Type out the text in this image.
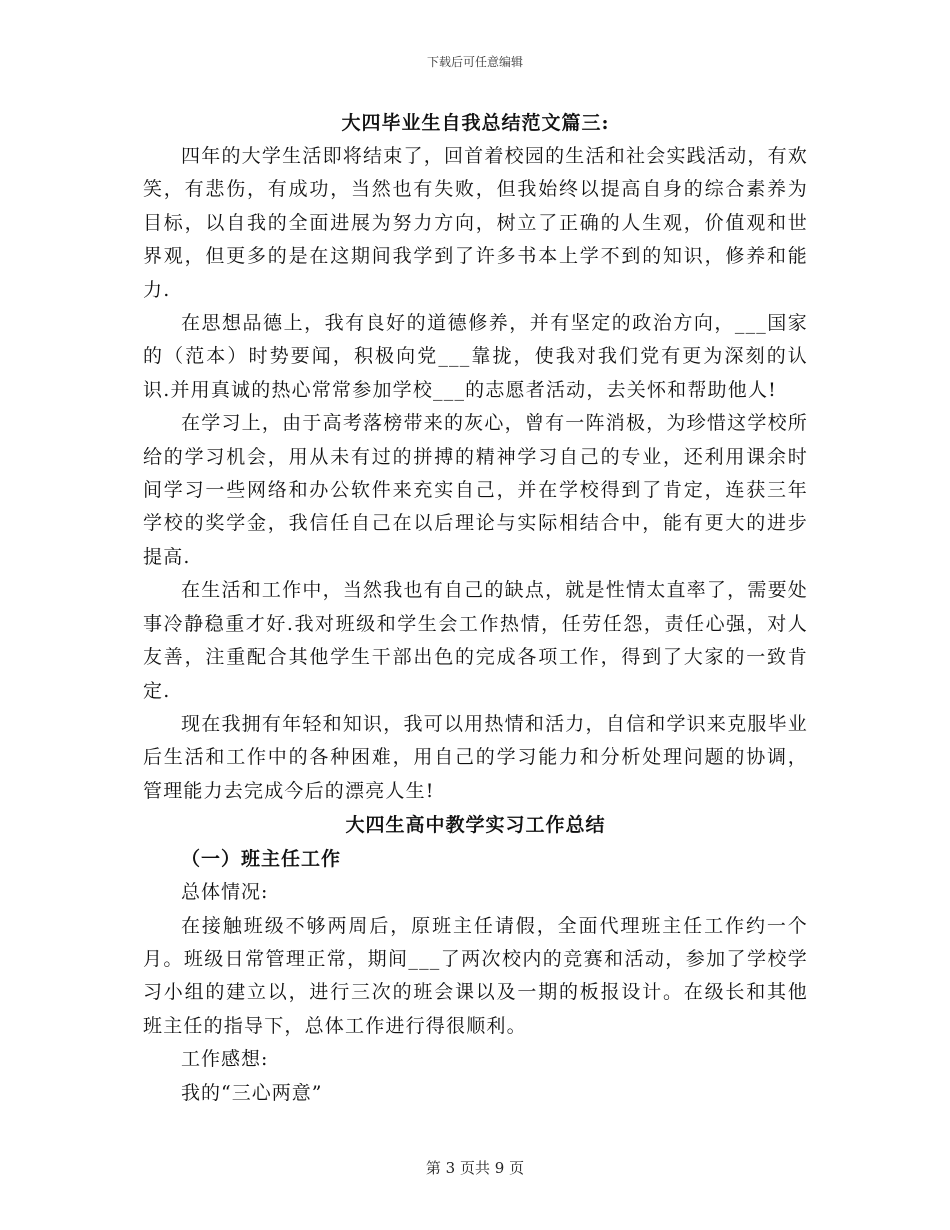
下载后可任意编辑
大四毕业生自我总结范文篇三:

四年的大学生活即将结束了，回首着校园的生活和社会实践活动，有欢笑，有悲伤，有成功，当然也有失败，但我始终以提高自身的综合素养为目标，以自我的全面进展为努力方向，树立了正确的人生观，价值观和世界观，但更多的是在这期间我学到了许多书本上学不到的知识，修养和能力.

在思想品德上，我有良好的道德修养，并有坚定的政治方向，___国家的（范本）时势要闻，积极向党___靠拢，使我对我们党有更为深刻的认识.并用真诚的热心常常参加学校___的志愿者活动，去关怀和帮助他人!

在学习上，由于高考落榜带来的灰心，曾有一阵消极，为珍惜这学校所给的学习机会，用从未有过的拼搏的精神学习自己的专业，还利用课余时间学习一些网络和办公软件来充实自己，并在学校得到了肯定，连获三年学校的奖学金，我信任自己在以后理论与实际相结合中，能有更大的进步提高.

在生活和工作中，当然我也有自己的缺点，就是性情太直率了，需要处事冷静稳重才好.我对班级和学生会工作热情，任劳任怨，责任心强，对人友善，注重配合其他学生干部出色的完成各项工作，得到了大家的一致肯定.

现在我拥有年轻和知识，我可以用热情和活力，自信和学识来克服毕业后生活和工作中的各种困难，用自己的学习能力和分析处理问题的协调，管理能力去完成今后的漂亮人生!

大四生高中教学实习工作总结
（一）班主任工作
总体情况:

在接触班级不够两周后，原班主任请假，全面代理班主任工作约一个月。班级日常管理正常，期间___了两次校内的竞赛和活动，参加了学校学习小组的建立以，进行三次的班会课以及一期的板报设计。在级长和其他班主任的指导下，总体工作进行得很顺利。

工作感想:
我的“三心两意”
第 3 页共 9 页
